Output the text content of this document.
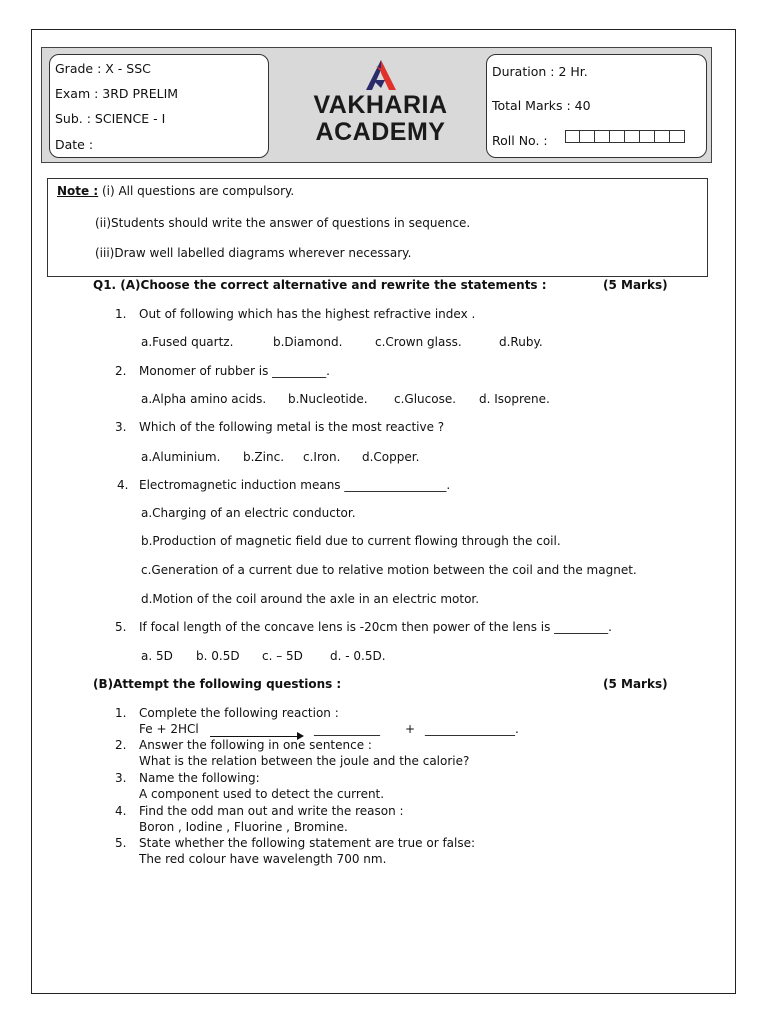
Grade : X - SSC
Exam : 3RD PRELIM
Sub. : SCIENCE - I
Date :
VAKHARIA
ACADEMY
Duration : 2 Hr.
Total Marks : 40
Roll No. :
Note : (i) All questions are compulsory.
(ii)Students should write the answer of questions in sequence.
(iii)Draw well labelled diagrams wherever necessary.
Q1. (A)Choose the correct alternative and rewrite the statements :	(5 Marks)
1. Out of following which has the highest refractive index .
a.Fused quartz.	b.Diamond.	c.Crown glass.	d.Ruby.
2. Monomer of rubber is _________.
a.Alpha amino acids. b.Nucleotide. c.Glucose. d. Isoprene.
3. Which of the following metal is the most reactive ?
a.Aluminium. b.Zinc. c.Iron. d.Copper.
4. Electromagnetic induction means _________________.
a.Charging of an electric conductor.
b.Production of magnetic field due to current flowing through the coil.
c.Generation of a current due to relative motion between the coil and the magnet.
d.Motion of the coil around the axle in an electric motor.
5. If focal length of the concave lens is -20cm then power of the lens is _________.
a. 5D b. 0.5D c. – 5D d. - 0.5D.
(B)Attempt the following questions :	(5 Marks)
1. Complete the following reaction :
Fe + 2HCl	___________ + _______________.
2. Answer the following in one sentence :
What is the relation between the joule and the calorie?
3. Name the following:
A component used to detect the current.
4. Find the odd man out and write the reason :
Boron , Iodine , Fluorine , Bromine.
5. State whether the following statement are true or false:
The red colour have wavelength 700 nm.
